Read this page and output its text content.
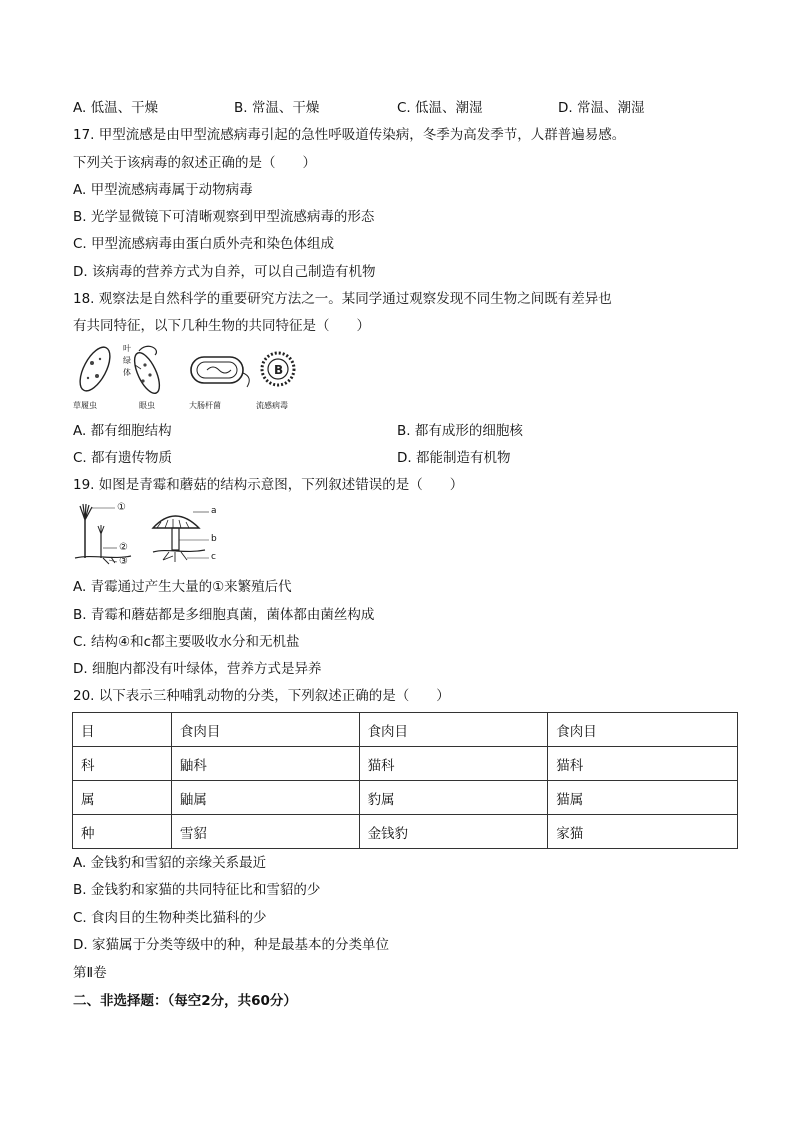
A. 低温、干燥	B. 常温、干燥	C. 低温、潮湿	D. 常温、潮湿
17. 甲型流感是由甲型流感病毒引起的急性呼吸道传染病，冬季为高发季节，人群普遍易感。
下列关于该病毒的叙述正确的是（　　）
A. 甲型流感病毒属于动物病毒
B. 光学显微镜下可清晰观察到甲型流感病毒的形态
C. 甲型流感病毒由蛋白质外壳和染色体组成
D. 该病毒的营养方式为自养，可以自己制造有机物
18. 观察法是自然科学的重要研究方法之一。某同学通过观察发现不同生物之间既有差异也
有共同特征，以下几种生物的共同特征是（　　）
B
叶绿体
草履虫	眼虫	大肠杆菌	流感病毒
A. 都有细胞结构	B. 都有成形的细胞核
C. 都有遗传物质	D. 都能制造有机物
19. 如图是青霉和蘑菇的结构示意图，下列叙述错误的是（　　）
①
②
③
a
b
c
A. 青霉通过产生大量的①来繁殖后代
B. 青霉和蘑菇都是多细胞真菌，菌体都由菌丝构成
C. 结构④和c都主要吸收水分和无机盐
D. 细胞内都没有叶绿体，营养方式是异养
20. 以下表示三种哺乳动物的分类，下列叙述正确的是（　　）
目	食肉目	食肉目	食肉目
科	鼬科	猫科	猫科
属	鼬属	豹属	猫属
种	雪貂	金钱豹	家猫
A. 金钱豹和雪貂的亲缘关系最近
B. 金钱豹和家猫的共同特征比和雪貂的少
C. 食肉目的生物种类比猫科的少
D. 家猫属于分类等级中的种，种是最基本的分类单位
第Ⅱ卷
二、非选择题：（每空2分，共60分）
